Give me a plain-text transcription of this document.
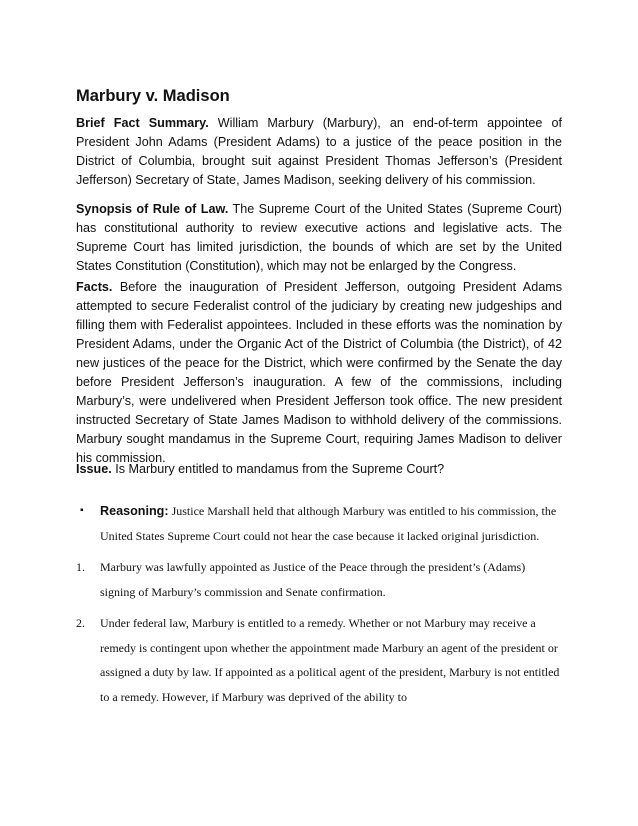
Marbury v. Madison

Brief Fact Summary. William Marbury (Marbury), an end-of-term appointee of President John Adams (President Adams) to a justice of the peace position in the District of Columbia, brought suit against President Thomas Jefferson’s (President Jefferson) Secretary of State, James Madison, seeking delivery of his commission.

Synopsis of Rule of Law. The Supreme Court of the United States (Supreme Court) has constitutional authority to review executive actions and legislative acts. The Supreme Court has limited jurisdiction, the bounds of which are set by the United States Constitution (Constitution), which may not be enlarged by the Congress.

Facts. Before the inauguration of President Jefferson, outgoing President Adams attempted to secure Federalist control of the judiciary by creating new judgeships and filling them with Federalist appointees. Included in these efforts was the nomination by President Adams, under the Organic Act of the District of Columbia (the District), of 42 new justices of the peace for the District, which were confirmed by the Senate the day before President Jefferson’s inauguration. A few of the commissions, including Marbury’s, were undelivered when President Jefferson took office. The new president instructed Secretary of State James Madison to withhold delivery of the commissions. Marbury sought mandamus in the Supreme Court, requiring James Madison to deliver his commission.

Issue. Is Marbury entitled to mandamus from the Supreme Court?

▪	Reasoning: Justice Marshall held that although Marbury was entitled to his commission, the United States Supreme Court could not hear the case because it lacked original jurisdiction.
1.	Marbury was lawfully appointed as Justice of the Peace through the president’s (Adams) signing of Marbury’s commission and Senate confirmation.
2.	Under federal law, Marbury is entitled to a remedy. Whether or not Marbury may receive a remedy is contingent upon whether the appointment made Marbury an agent of the president or assigned a duty by law. If appointed as a political agent of the president, Marbury is not entitled to a remedy. However, if Marbury was deprived of the ability to
